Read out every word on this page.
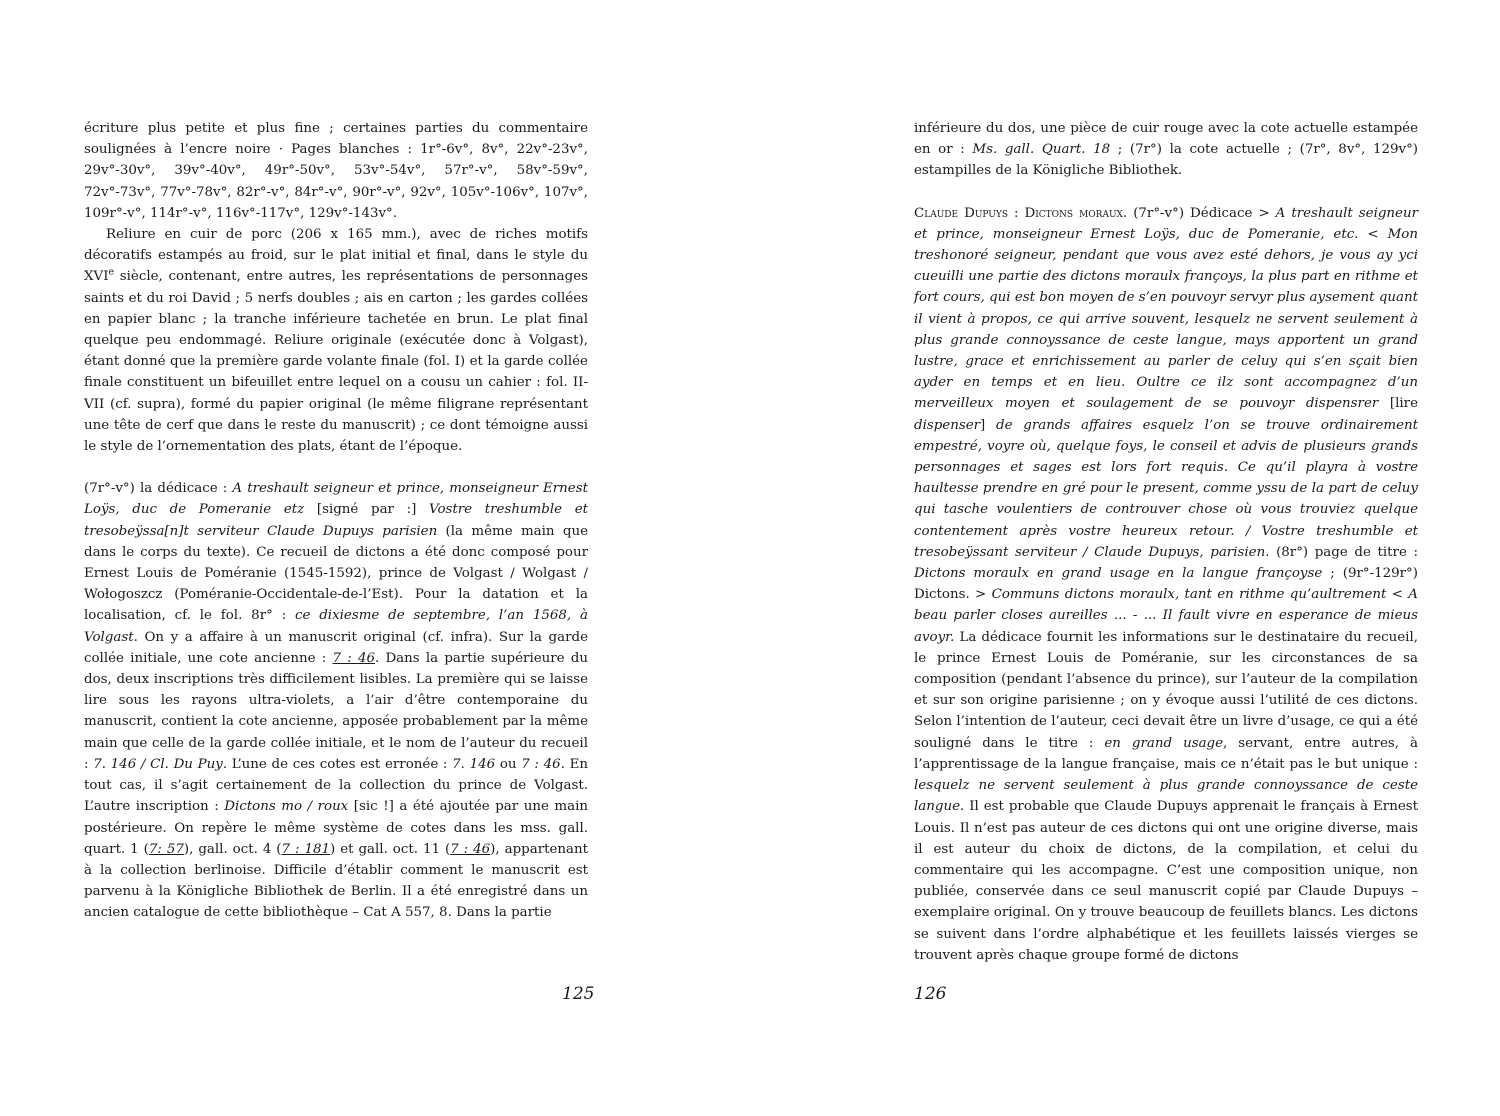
écriture plus petite et plus fine ; certaines parties du commentaire soulignées à l’encre noire · Pages blanches : 1r°-6v°, 8v°, 22v°-23v°, 29v°-30v°, 39v°-40v°, 49r°-50v°, 53v°-54v°, 57r°-v°, 58v°-59v°, 72v°-73v°, 77v°-78v°, 82r°-v°, 84r°-v°, 90r°-v°, 92v°, 105v°-106v°, 107v°, 109r°-v°, 114r°-v°, 116v°-117v°, 129v°-143v°.

Reliure en cuir de porc (206 x 165 mm.), avec de riches motifs décoratifs estampés au froid, sur le plat initial et final, dans le style du XVIe siècle, contenant, entre autres, les représentations de personnages saints et du roi David ; 5 nerfs doubles ; ais en carton ; les gardes collées en papier blanc ; la tranche inférieure tachetée en brun. Le plat final quelque peu endommagé. Reliure originale (exécutée donc à Volgast), étant donné que la première garde volante finale (fol. I) et la garde collée finale constituent un bifeuillet entre lequel on a cousu un cahier : fol. II-VII (cf. supra), formé du papier original (le même filigrane représentant une tête de cerf que dans le reste du manuscrit) ; ce dont témoigne aussi le style de l’ornementation des plats, étant de l’époque.

(7r°-v°) la dédicace : A treshault seigneur et prince, monseigneur Ernest Loÿs, duc de Pomeranie etz [signé par :] Vostre treshumble et tresobeÿssa[n]t serviteur Claude Dupuys parisien (la même main que dans le corps du texte). Ce recueil de dictons a été donc composé pour Ernest Louis de Poméranie (1545-1592), prince de Volgast / Wolgast / Wołogoszcz (Poméranie-Occidentale-de-l’Est). Pour la datation et la localisation, cf. le fol. 8r° : ce dixiesme de septembre, l’an 1568, à Volgast. On y a affaire à un manuscrit original (cf. infra). Sur la garde collée initiale, une cote ancienne : 7 : 46. Dans la partie supérieure du dos, deux inscriptions très difficilement lisibles. La première qui se laisse lire sous les rayons ultra-violets, a l’air d’être contemporaine du manuscrit, contient la cote ancienne, apposée probablement par la même main que celle de la garde collée initiale, et le nom de l’auteur du recueil : 7. 146 / Cl. Du Puy. L’une de ces cotes est erronée : 7. 146 ou 7 : 46. En tout cas, il s’agit certainement de la collection du prince de Volgast. L’autre inscription : Dictons mo / roux [sic !] a été ajoutée par une main postérieure. On repère le même système de cotes dans les mss. gall. quart. 1 (7: 57), gall. oct. 4 (7 : 181) et gall. oct. 11 (7 : 46), appartenant à la collection berlinoise. Difficile d’établir comment le manuscrit est parvenu à la Königliche Bibliothek de Berlin. Il a été enregistré dans un ancien catalogue de cette bibliothèque – Cat A 557, 8. Dans la partie

125

inférieure du dos, une pièce de cuir rouge avec la cote actuelle estampée en or : Ms. gall. Quart. 18 ; (7r°) la cote actuelle ; (7r°, 8v°, 129v°) estampilles de la Königliche Bibliothek.

Claude Dupuys : Dictons moraux. (7r°-v°) Dédicace > A treshault seigneur et prince, monseigneur Ernest Loÿs, duc de Pomeranie, etc. < Mon treshonoré seigneur, pendant que vous avez esté dehors, je vous ay yci cueuilli une partie des dictons moraulx françoys, la plus part en rithme et fort cours, qui est bon moyen de s’en pouvoyr servyr plus aysement quant il vient à propos, ce qui arrive souvent, lesquelz ne servent seulement à plus grande connoyssance de ceste langue, mays apportent un grand lustre, grace et enrichissement au parler de celuy qui s’en sçait bien ayder en temps et en lieu. Oultre ce ilz sont accompagnez d’un merveilleux moyen et soulagement de se pouvoyr dispensrer [lire dispenser] de grands affaires esquelz l’on se trouve ordinairement empestré, voyre où, quelque foys, le conseil et advis de plusieurs grands personnages et sages est lors fort requis. Ce qu’il playra à vostre haultesse prendre en gré pour le present, comme yssu de la part de celuy qui tasche voulentiers de controuver chose où vous trouviez quelque contentement après vostre heureux retour. / Vostre treshumble et tresobeÿssant serviteur / Claude Dupuys, parisien. (8r°) page de titre : Dictons moraulx en grand usage en la langue françoyse ; (9r°-129r°) Dictons. > Communs dictons moraulx, tant en rithme qu’aultrement < A beau parler closes aureilles ... - ... Il fault vivre en esperance de mieus avoyr. La dédicace fournit les informations sur le destinataire du recueil, le prince Ernest Louis de Poméranie, sur les circonstances de sa composition (pendant l’absence du prince), sur l’auteur de la compilation et sur son origine parisienne ; on y évoque aussi l’utilité de ces dictons. Selon l’intention de l’auteur, ceci devait être un livre d’usage, ce qui a été souligné dans le titre : en grand usage, servant, entre autres, à l’apprentissage de la langue française, mais ce n’était pas le but unique : lesquelz ne servent seulement à plus grande connoyssance de ceste langue. Il est probable que Claude Dupuys apprenait le français à Ernest Louis. Il n’est pas auteur de ces dictons qui ont une origine diverse, mais il est auteur du choix de dictons, de la compilation, et celui du commentaire qui les accompagne. C’est une composition unique, non publiée, conservée dans ce seul manuscrit copié par Claude Dupuys – exemplaire original. On y trouve beaucoup de feuillets blancs. Les dictons se suivent dans l’ordre alphabétique et les feuillets laissés vierges se trouvent après chaque groupe formé de dictons

126
